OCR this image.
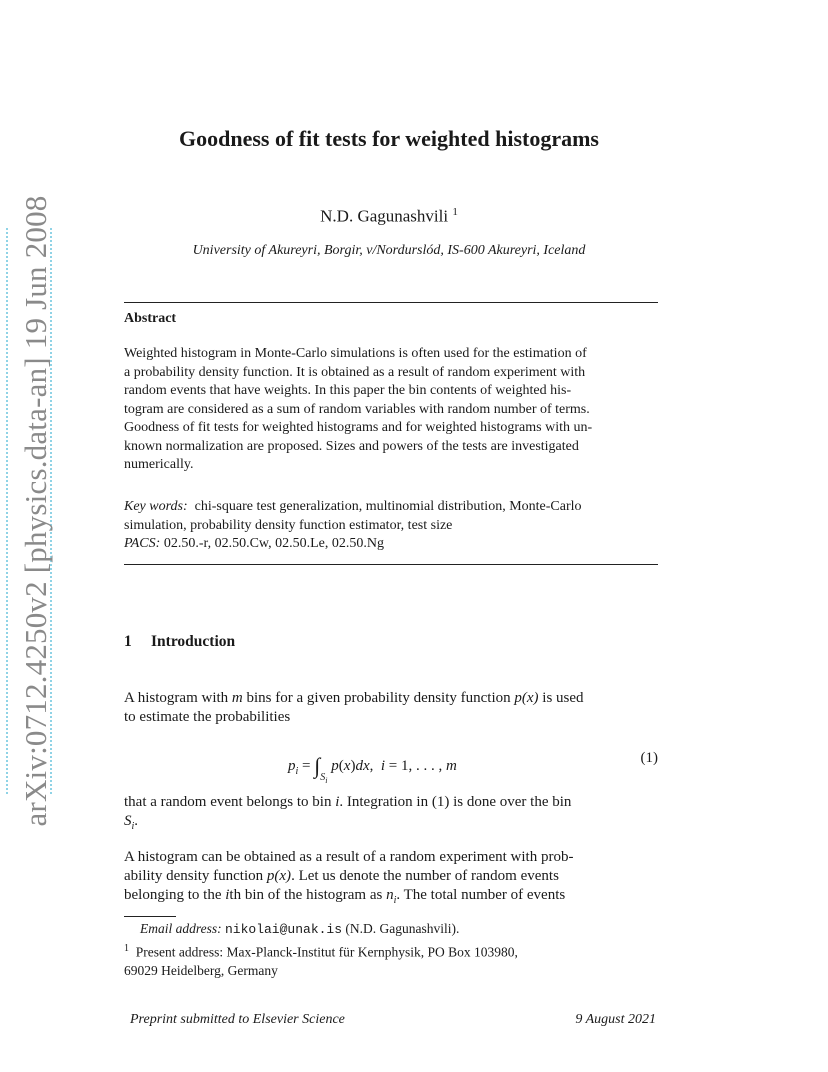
arXiv:0712.4250v2 [physics.data-an] 19 Jun 2008
Goodness of fit tests for weighted histograms
N.D. Gagunashvili $^1$
University of Akureyri, Borgir, v/Nordurslód, IS-600 Akureyri, Iceland
Abstract
Weighted histogram in Monte-Carlo simulations is often used for the estimation of
a probability density function. It is obtained as a result of random experiment with
random events that have weights. In this paper the bin contents of weighted his-
togram are considered as a sum of random variables with random number of terms.
Goodness of fit tests for weighted histograms and for weighted histograms with un-
known normalization are proposed. Sizes and powers of the tests are investigated
numerically.
Key words: chi-square test generalization, multinomial distribution, Monte-Carlo
simulation, probability density function estimator, test size
PACS: 02.50.-r, 02.50.Cw, 02.50.Le, 02.50.Ng
1 Introduction
A histogram with m bins for a given probability density function p(x) is used
to estimate the probabilities
$p_i = \int_{S_i}$ p(x)dx,  i = 1, . . . , m	(1)
that a random event belongs to bin i. Integration in (1) is done over the bin
$S_i$.
A histogram can be obtained as a result of a random experiment with prob-
ability density function p(x). Let us denote the number of random events
belonging to the ith bin of the histogram as $n_i$. The total number of events
Email address: nikolai@unak.is (N.D. Gagunashvili).
$^1$ Present address: Max-Planck-Institut für Kernphysik, PO Box 103980,
69029 Heidelberg, Germany
Preprint submitted to Elsevier Science	9 August 2021
